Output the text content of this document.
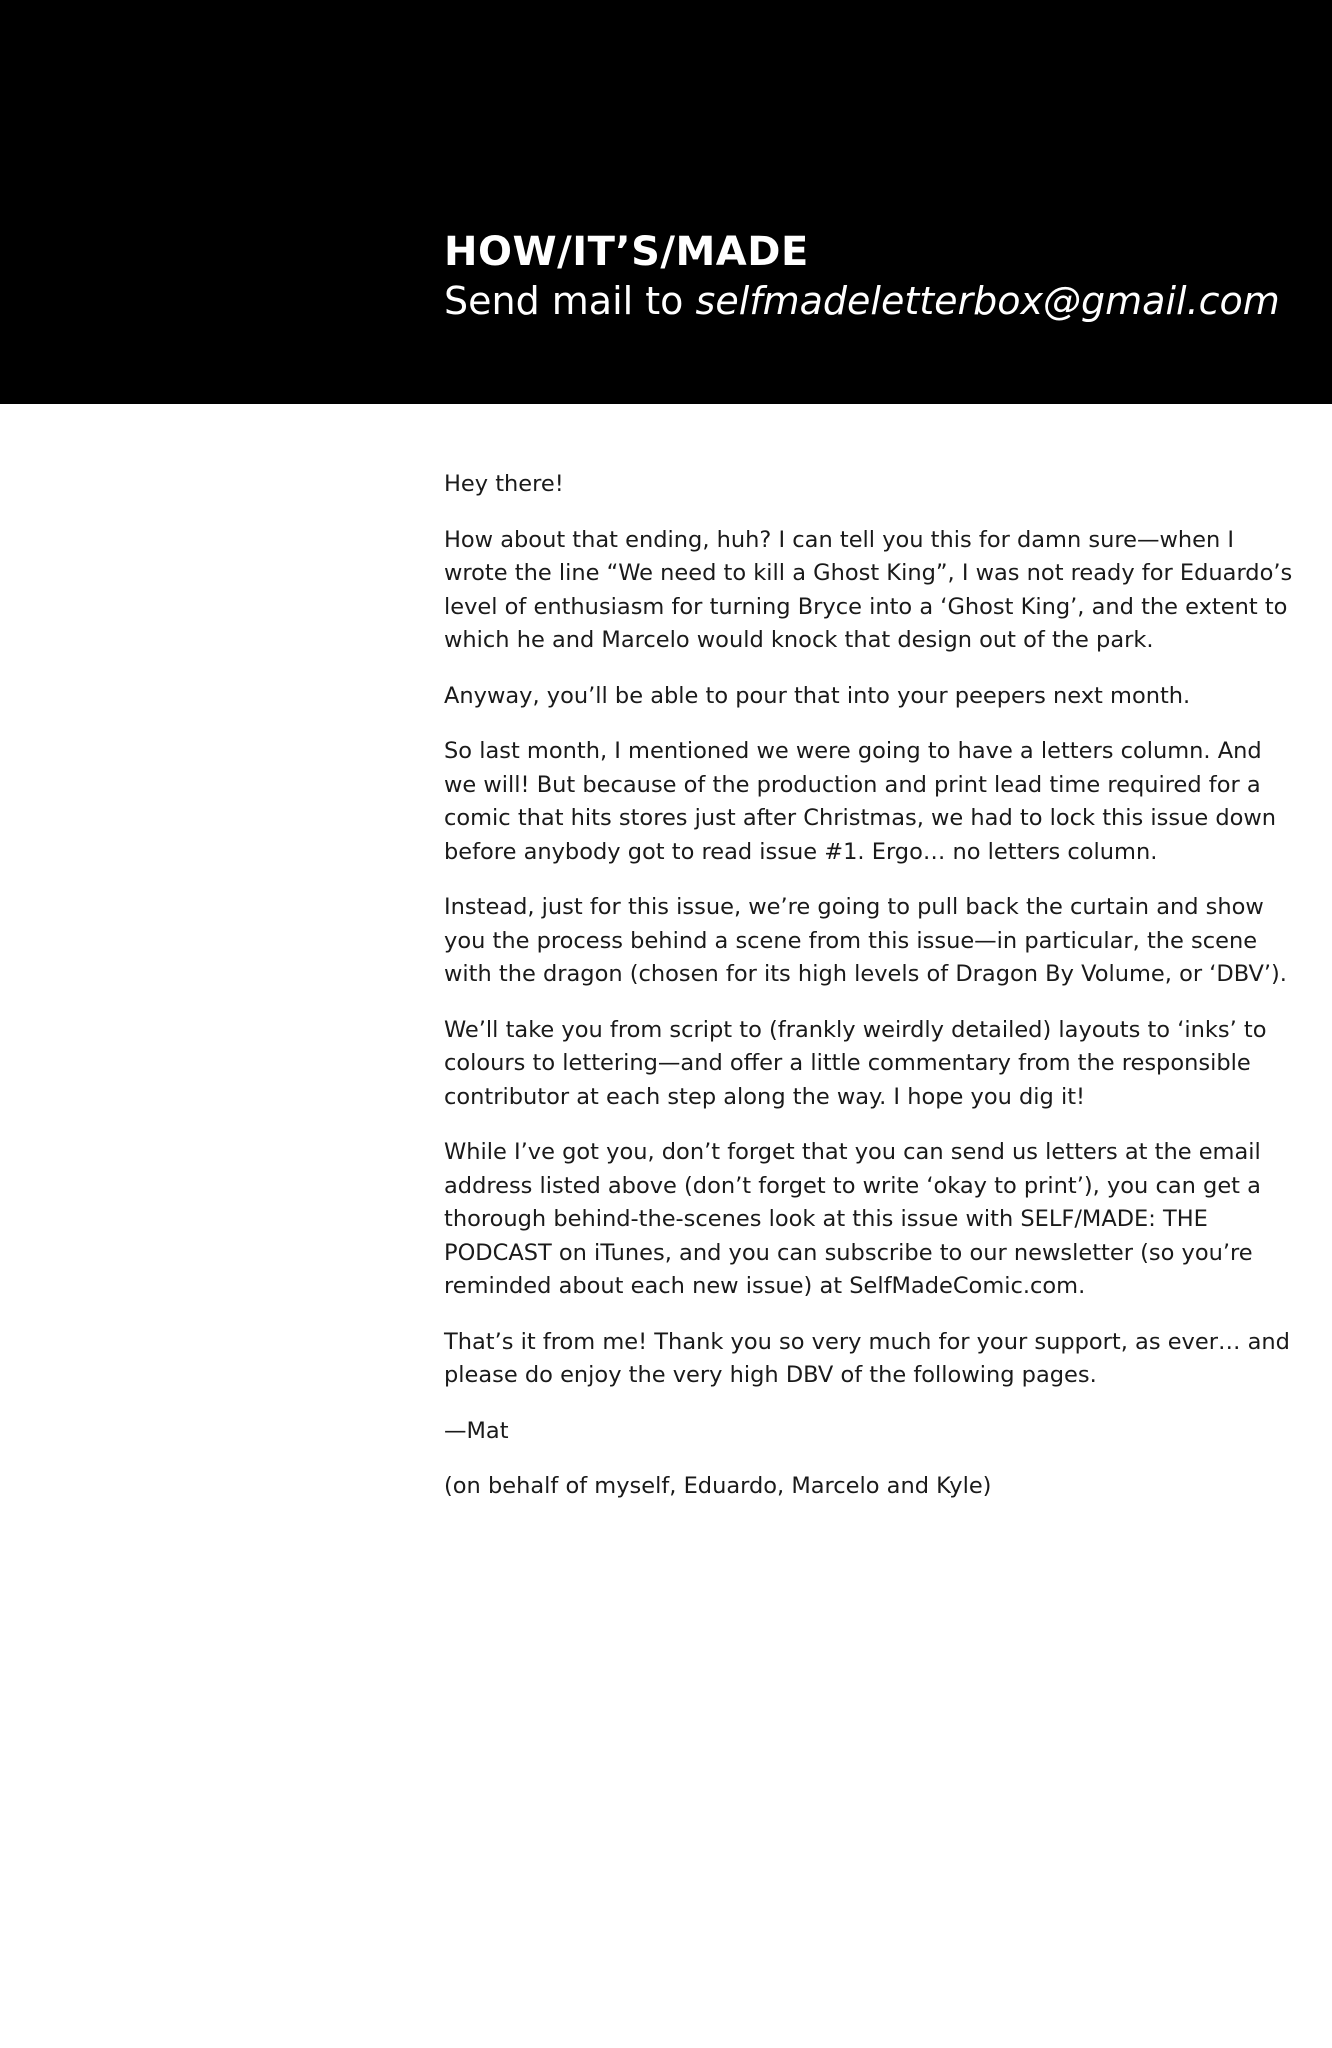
HOW/IT’S/MADE

Send mail to selfmadeletterbox@gmail.com

Hey there!

How about that ending, huh? I can tell you this for damn sure—when I wrote the line “We need to kill a Ghost King”, I was not ready for Eduardo’s level of enthusiasm for turning Bryce into a ‘Ghost King’, and the extent to which he and Marcelo would knock that design out of the park.

Anyway, you’ll be able to pour that into your peepers next month.

So last month, I mentioned we were going to have a letters column. And we will! But because of the production and print lead time required for a comic that hits stores just after Christmas, we had to lock this issue down before anybody got to read issue #1. Ergo… no letters column.

Instead, just for this issue, we’re going to pull back the curtain and show you the process behind a scene from this issue—in particular, the scene with the dragon (chosen for its high levels of Dragon By Volume, or ‘DBV’).

We’ll take you from script to (frankly weirdly detailed) layouts to ‘inks’ to colours to lettering—and offer a little commentary from the responsible contributor at each step along the way. I hope you dig it!

While I’ve got you, don’t forget that you can send us letters at the email address listed above (don’t forget to write ‘okay to print’), you can get a thorough behind-the-scenes look at this issue with SELF/MADE: THE PODCAST on iTunes, and you can subscribe to our newsletter (so you’re reminded about each new issue) at SelfMadeComic.com.

That’s it from me! Thank you so very much for your support, as ever… and please do enjoy the very high DBV of the following pages.

—Mat

(on behalf of myself, Eduardo, Marcelo and Kyle)
